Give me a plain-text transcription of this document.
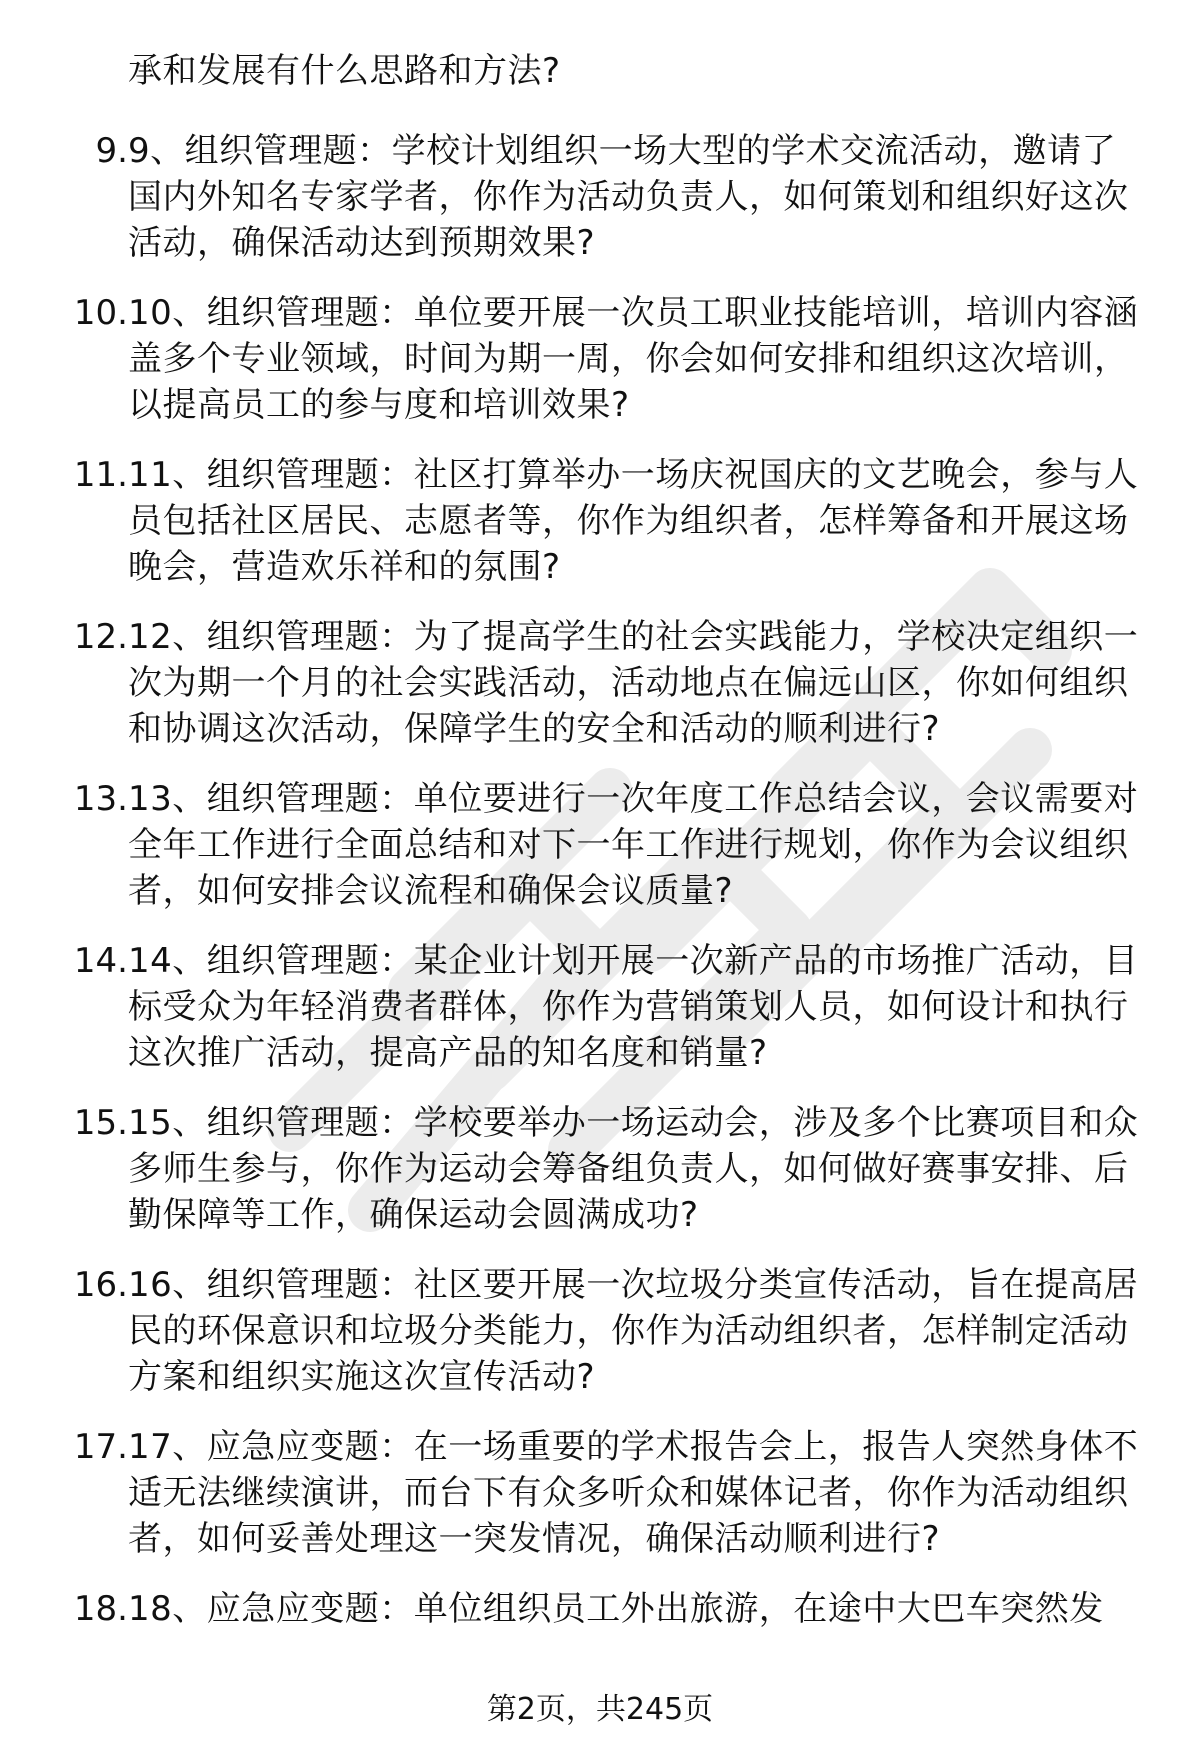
承和发展有什么思路和方法?
9. 9、组织管理题：学校计划组织一场大型的学术交流活动，邀请了国内外知名专家学者，你作为活动负责人，如何策划和组织好这次活动，确保活动达到预期效果?
10. 10、组织管理题：单位要开展一次员工职业技能培训，培训内容涵盖多个专业领域，时间为期一周，你会如何安排和组织这次培训，以提高员工的参与度和培训效果?
11. 11、组织管理题：社区打算举办一场庆祝国庆的文艺晚会，参与人员包括社区居民、志愿者等，你作为组织者，怎样筹备和开展这场晚会，营造欢乐祥和的氛围?
12. 12、组织管理题：为了提高学生的社会实践能力，学校决定组织一次为期一个月的社会实践活动，活动地点在偏远山区，你如何组织和协调这次活动，保障学生的安全和活动的顺利进行?
13. 13、组织管理题：单位要进行一次年度工作总结会议，会议需要对全年工作进行全面总结和对下一年工作进行规划，你作为会议组织者，如何安排会议流程和确保会议质量?
14. 14、组织管理题：某企业计划开展一次新产品的市场推广活动，目标受众为年轻消费者群体，你作为营销策划人员，如何设计和执行这次推广活动，提高产品的知名度和销量?
15. 15、组织管理题：学校要举办一场运动会，涉及多个比赛项目和众多师生参与，你作为运动会筹备组负责人，如何做好赛事安排、后勤保障等工作，确保运动会圆满成功?
16. 16、组织管理题：社区要开展一次垃圾分类宣传活动，旨在提高居民的环保意识和垃圾分类能力，你作为活动组织者，怎样制定活动方案和组织实施这次宣传活动?
17. 17、应急应变题：在一场重要的学术报告会上，报告人突然身体不适无法继续演讲，而台下有众多听众和媒体记者，你作为活动组织者，如何妥善处理这一突发情况，确保活动顺利进行?
18. 18、应急应变题：单位组织员工外出旅游，在途中大巴车突然发
第2页，共245页
